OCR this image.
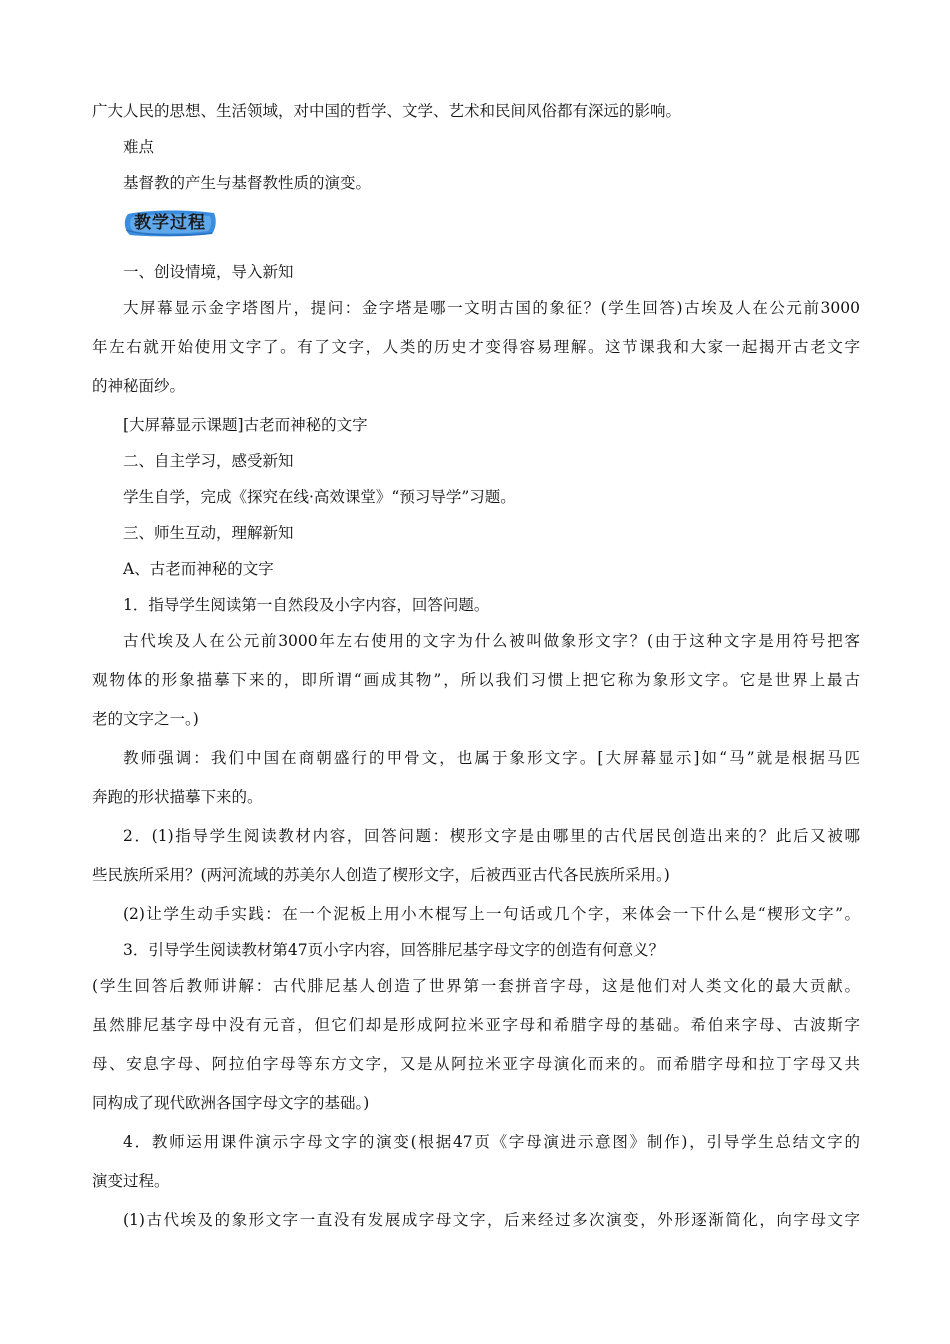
广大人民的思想、生活领域，对中国的哲学、文学、艺术和民间风俗都有深远的影响。
难点
基督教的产生与基督教性质的演变。
教学过程
一、创设情境，导入新知
大屏幕显示金字塔图片，提问：金字塔是哪一文明古国的象征？(学生回答)古埃及人在公元前3000
年左右就开始使用文字了。有了文字，人类的历史才变得容易理解。这节课我和大家一起揭开古老文字
的神秘面纱。
[大屏幕显示课题]古老而神秘的文字
二、自主学习，感受新知
学生自学，完成《探究在线·高效课堂》“预习导学”习题。
三、师生互动，理解新知
A、古老而神秘的文字
1．指导学生阅读第一自然段及小字内容，回答问题。
古代埃及人在公元前3000年左右使用的文字为什么被叫做象形文字？(由于这种文字是用符号把客
观物体的形象描摹下来的，即所谓“画成其物”，所以我们习惯上把它称为象形文字。它是世界上最古
老的文字之一。)
教师强调：我们中国在商朝盛行的甲骨文，也属于象形文字。[大屏幕显示]如“马”就是根据马匹
奔跑的形状描摹下来的。
2．(1)指导学生阅读教材内容，回答问题：楔形文字是由哪里的古代居民创造出来的？此后又被哪
些民族所采用？(两河流域的苏美尔人创造了楔形文字，后被西亚古代各民族所采用。)
(2)让学生动手实践：在一个泥板上用小木棍写上一句话或几个字，来体会一下什么是“楔形文字”。
3．引导学生阅读教材第47页小字内容，回答腓尼基字母文字的创造有何意义？
(学生回答后教师讲解：古代腓尼基人创造了世界第一套拼音字母，这是他们对人类文化的最大贡献。
虽然腓尼基字母中没有元音，但它们却是形成阿拉米亚字母和希腊字母的基础。希伯来字母、古波斯字
母、安息字母、阿拉伯字母等东方文字，又是从阿拉米亚字母演化而来的。而希腊字母和拉丁字母又共
同构成了现代欧洲各国字母文字的基础。)
4．教师运用课件演示字母文字的演变(根据47页《字母演进示意图》制作)，引导学生总结文字的
演变过程。
(1)古代埃及的象形文字一直没有发展成字母文字，后来经过多次演变，外形逐渐简化，向字母文字
